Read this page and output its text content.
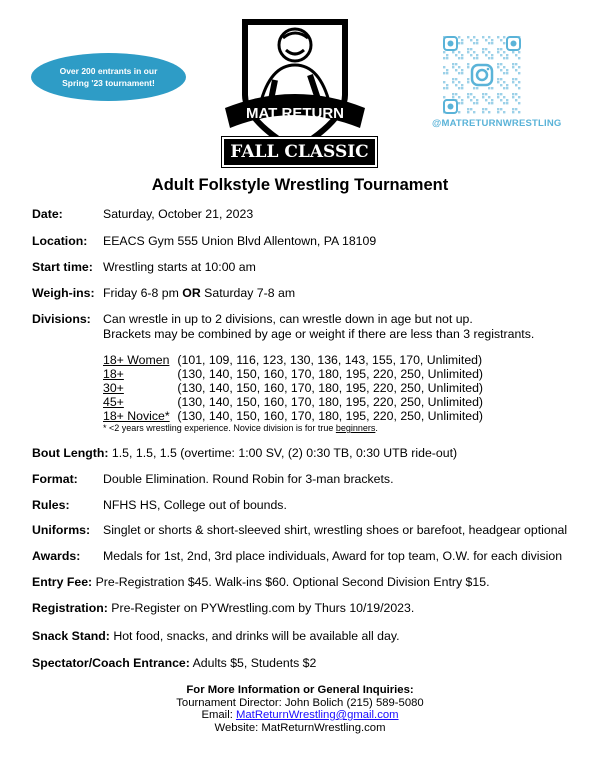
Over 200 entrants in our
Spring '23 tournament!
MAT RETURN
FALL CLASSIC
@MATRETURNWRESTLING
Adult Folkstyle Wrestling Tournament
Date:	Saturday, October 21, 2023
Location: EEACS Gym 555 Union Blvd Allentown, PA 18109
Start time: Wrestling starts at 10:00 am
Weigh-ins: Friday 6-8 pm OR Saturday 7-8 am
Divisions: Can wrestle in up to 2 divisions, can wrestle down in age but not up.
Brackets may be combined by age or weight if there are less than 3 registrants.
18+ Women (101, 109, 116, 123, 130, 136, 143, 155, 170, Unlimited)
18+	(130, 140, 150, 160, 170, 180, 195, 220, 250, Unlimited)
30+	(130, 140, 150, 160, 170, 180, 195, 220, 250, Unlimited)
45+	(130, 140, 150, 160, 170, 180, 195, 220, 250, Unlimited)
18+ Novice* (130, 140, 150, 160, 170, 180, 195, 220, 250, Unlimited)
* <2 years wrestling experience. Novice division is for true beginners.
Bout Length: 1.5, 1.5, 1.5 (overtime: 1:00 SV, (2) 0:30 TB, 0:30 UTB ride-out)
Format: Double Elimination. Round Robin for 3-man brackets.
Rules:	NFHS HS, College out of bounds.
Uniforms: Singlet or shorts & short-sleeved shirt, wrestling shoes or barefoot, headgear optional
Awards: Medals for 1st, 2nd, 3rd place individuals, Award for top team, O.W. for each division
Entry Fee: Pre-Registration $45. Walk-ins $60. Optional Second Division Entry $15.
Registration: Pre-Register on PYWrestling.com by Thurs 10/19/2023.
Snack Stand: Hot food, snacks, and drinks will be available all day.
Spectator/Coach Entrance: Adults $5, Students $2
For More Information or General Inquiries:
Tournament Director: John Bolich (215) 589-5080
Email: MatReturnWrestling@gmail.com
Website: MatReturnWrestling.com
